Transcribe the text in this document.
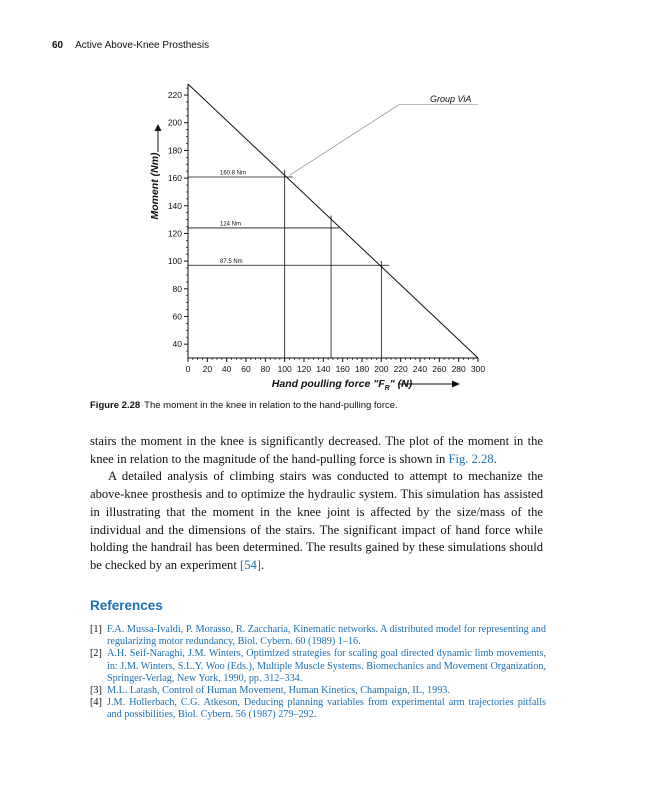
60 Active Above-Knee Prosthesis
160.8 Nm
124 Nm
87.5 Nm
40
60
80
100
120
140
160
180
200
220
0 20 40 60 80 100 120 140 160 180 200 220 240 260 280 300
Group ViA
Moment (Nm)
Hand poulling force "$F_R$" (N)
Figure 2.28 The moment in the knee in relation to the hand-pulling force.

stairs the moment in the knee is significantly decreased. The plot of the moment in the knee in relation to the magnitude of the hand-pulling force is shown in Fig. 2.28.

A detailed analysis of climbing stairs was conducted to attempt to mechanize the above-knee prosthesis and to optimize the hydraulic system. This simulation has assisted in illustrating that the moment in the knee joint is affected by the size/mass of the individual and the dimensions of the stairs. The significant impact of hand force while holding the handrail has been determined. The results gained by these simulations should be checked by an experiment [54].

References
[1] F.A. Mussa-Ivaldi, P. Morasso, R. Zaccharia, Kinematic networks. A distributed model for representing and regularizing motor redundancy, Biol. Cybern. 60 (1989) 1–16.
[2] A.H. Seif-Naraghi, J.M. Winters, Optimized strategies for scaling goal directed dynamic limb movements, in: J.M. Winters, S.L.Y. Woo (Eds.), Multiple Muscle Systems. Biomechanics and Movement Organization, Springer-Verlag, New York, 1990, pp. 312–334.
[3] M.L. Latash, Control of Human Movement, Human Kinetics, Champaign, IL, 1993.
[4] J.M. Hollerbach, C.G. Atkeson, Deducing planning variables from experimental arm trajectories pitfalls and possibilities, Biol. Cybern. 56 (1987) 279–292.
